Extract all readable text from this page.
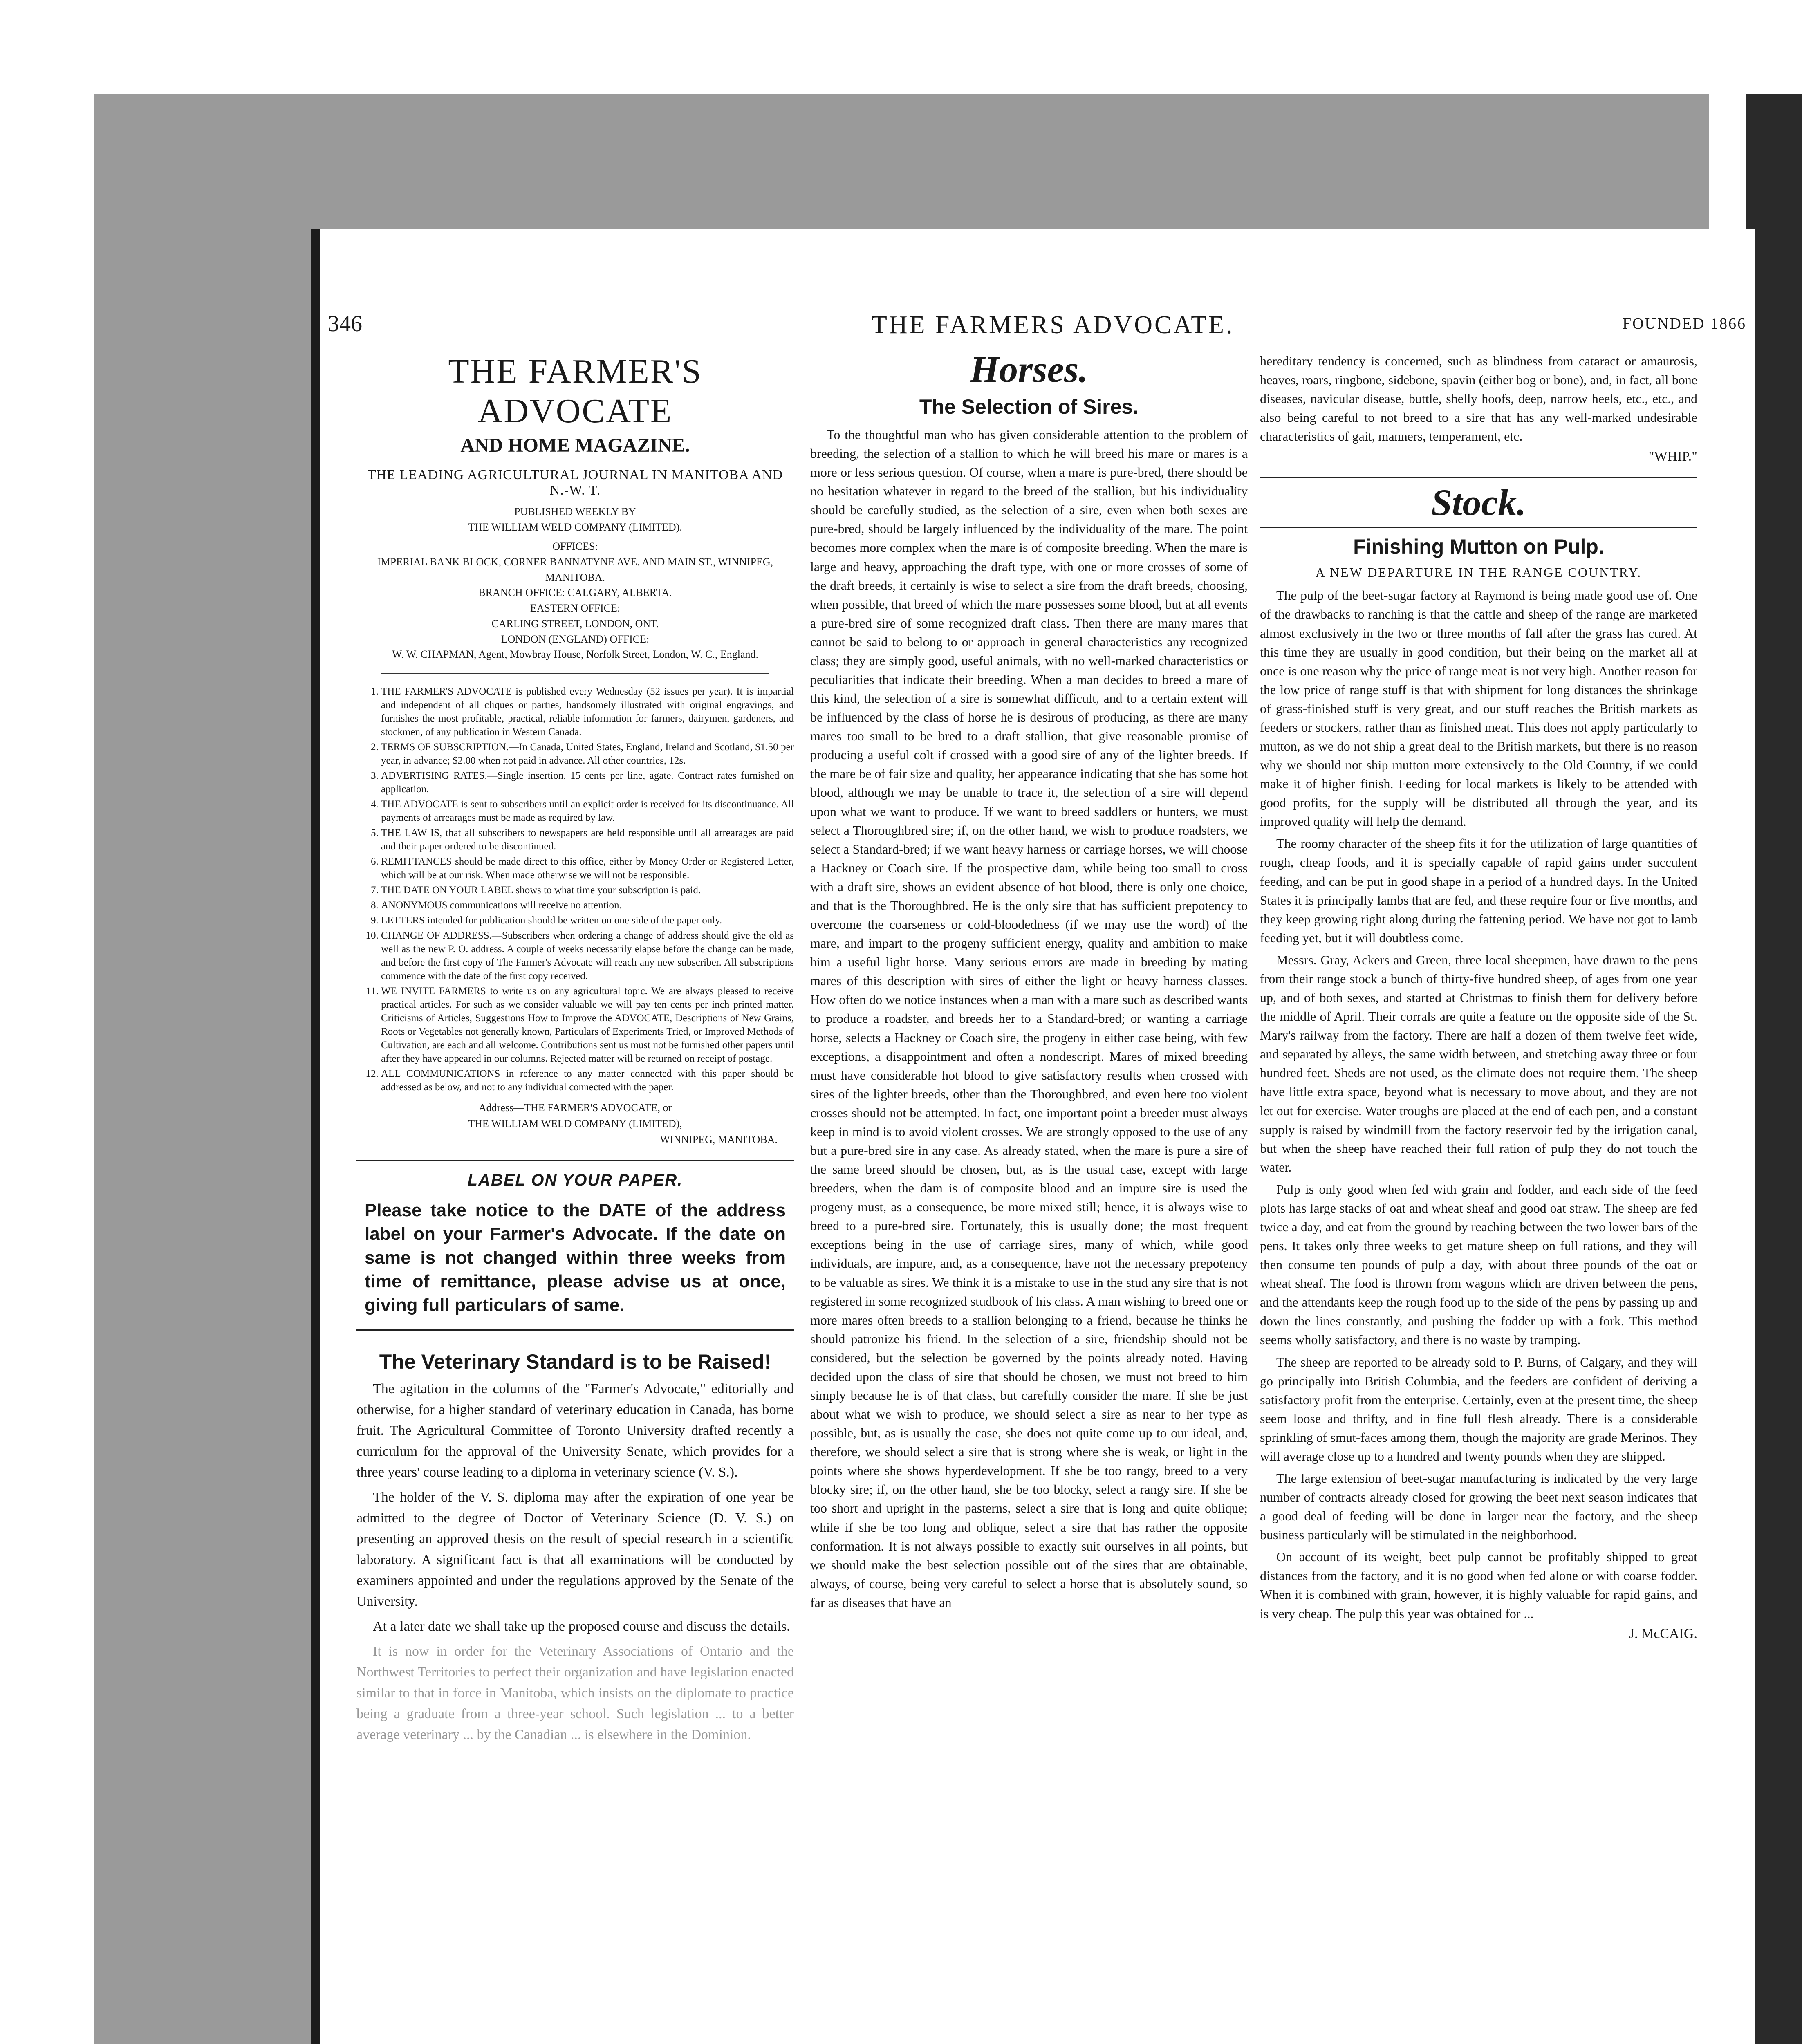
346	THE FARMERS ADVOCATE.	FOUNDED 1866
THE FARMER'S ADVOCATE
AND HOME MAGAZINE.
THE LEADING AGRICULTURAL JOURNAL IN MANITOBA AND N.-W. T.
PUBLISHED WEEKLY BY
THE WILLIAM WELD COMPANY (LIMITED).
OFFICES:
IMPERIAL BANK BLOCK, CORNER BANNATYNE AVE. AND MAIN ST., WINNIPEG, MANITOBA.
BRANCH OFFICE: CALGARY, ALBERTA.
EASTERN OFFICE:
CARLING STREET, LONDON, ONT.
LONDON (ENGLAND) OFFICE:
W. W. CHAPMAN, Agent, Mowbray House, Norfolk Street, London, W. C., England.
1. THE FARMER'S ADVOCATE is published every Wednesday (52 issues per year). It is impartial and independent of all cliques or parties, handsomely illustrated with original engravings, and furnishes the most profitable, practical, reliable information for farmers, dairymen, gardeners, and stockmen, of any publication in Western Canada.
2. TERMS OF SUBSCRIPTION.—In Canada, United States, England, Ireland and Scotland, $1.50 per year, in advance; $2.00 when not paid in advance. All other countries, 12s.
3. ADVERTISING RATES.—Single insertion, 15 cents per line, agate. Contract rates furnished on application.
4. THE ADVOCATE is sent to subscribers until an explicit order is received for its discontinuance. All payments of arrearages must be made as required by law.
5. THE LAW IS, that all subscribers to newspapers are held responsible until all arrearages are paid and their paper ordered to be discontinued.
6. REMITTANCES should be made direct to this office, either by Money Order or Registered Letter, which will be at our risk. When made otherwise we will not be responsible.
7. THE DATE ON YOUR LABEL shows to what time your subscription is paid.
8. ANONYMOUS communications will receive no attention.
9. LETTERS intended for publication should be written on one side of the paper only.
10. CHANGE OF ADDRESS.—Subscribers when ordering a change of address should give the old as well as the new P. O. address. A couple of weeks necessarily elapse before the change can be made, and before the first copy of The Farmer's Advocate will reach any new subscriber. All subscriptions commence with the date of the first copy received.
11. WE INVITE FARMERS to write us on any agricultural topic. We are always pleased to receive practical articles. For such as we consider valuable we will pay ten cents per inch printed matter. Criticisms of Articles, Suggestions How to Improve the ADVOCATE, Descriptions of New Grains, Roots or Vegetables not generally known, Particulars of Experiments Tried, or Improved Methods of Cultivation, are each and all welcome. Contributions sent us must not be furnished other papers until after they have appeared in our columns. Rejected matter will be returned on receipt of postage.
12. ALL COMMUNICATIONS in reference to any matter connected with this paper should be addressed as below, and not to any individual connected with the paper.
Address—THE FARMER'S ADVOCATE, or
THE WILLIAM WELD COMPANY (LIMITED),
WINNIPEG, MANITOBA.
LABEL ON YOUR PAPER.
Please take notice to the DATE of the address label on your Farmer's Advocate. If the date on same is not changed within three weeks from time of remittance, please advise us at once, giving full particulars of same.
The Veterinary Standard is to be Raised!

The agitation in the columns of the "Farmer's Advocate," editorially and otherwise, for a higher standard of veterinary education in Canada, has borne fruit. The Agricultural Committee of Toronto University drafted recently a curriculum for the approval of the University Senate, which provides for a three years' course leading to a diploma in veterinary science (V. S.).

The holder of the V. S. diploma may after the expiration of one year be admitted to the degree of Doctor of Veterinary Science (D. V. S.) on presenting an approved thesis on the result of special research in a scientific laboratory. A significant fact is that all examinations will be conducted by examiners appointed and under the regulations approved by the Senate of the University.

At a later date we shall take up the proposed course and discuss the details.

It is now in order for the Veterinary Associations of Ontario and the Northwest Territories to perfect their organization and have legislation enacted similar to that in force in Manitoba, which insists on the diplomate to practice being a graduate from a three-year school. Such legislation ... to a better average veterinary ... by the Canadian ... is elsewhere in the Dominion.

Horses.
The Selection of Sires.

To the thoughtful man who has given considerable attention to the problem of breeding, the selection of a stallion to which he will breed his mare or mares is a more or less serious question. Of course, when a mare is pure-bred, there should be no hesitation whatever in regard to the breed of the stallion, but his individuality should be carefully studied, as the selection of a sire, even when both sexes are pure-bred, should be largely influenced by the individuality of the mare. The point becomes more complex when the mare is of composite breeding. When the mare is large and heavy, approaching the draft type, with one or more crosses of some of the draft breeds, it certainly is wise to select a sire from the draft breeds, choosing, when possible, that breed of which the mare possesses some blood, but at all events a pure-bred sire of some recognized draft class. Then there are many mares that cannot be said to belong to or approach in general characteristics any recognized class; they are simply good, useful animals, with no well-marked characteristics or peculiarities that indicate their breeding. When a man decides to breed a mare of this kind, the selection of a sire is somewhat difficult, and to a certain extent will be influenced by the class of horse he is desirous of producing, as there are many mares too small to be bred to a draft stallion, that give reasonable promise of producing a useful colt if crossed with a good sire of any of the lighter breeds. If the mare be of fair size and quality, her appearance indicating that she has some hot blood, although we may be unable to trace it, the selection of a sire will depend upon what we want to produce. If we want to breed saddlers or hunters, we must select a Thoroughbred sire; if, on the other hand, we wish to produce roadsters, we select a Standard-bred; if we want heavy harness or carriage horses, we will choose a Hackney or Coach sire. If the prospective dam, while being too small to cross with a draft sire, shows an evident absence of hot blood, there is only one choice, and that is the Thoroughbred. He is the only sire that has sufficient prepotency to overcome the coarseness or cold-bloodedness (if we may use the word) of the mare, and impart to the progeny sufficient energy, quality and ambition to make him a useful light horse. Many serious errors are made in breeding by mating mares of this description with sires of either the light or heavy harness classes. How often do we notice instances when a man with a mare such as described wants to produce a roadster, and breeds her to a Standard-bred; or wanting a carriage horse, selects a Hackney or Coach sire, the progeny in either case being, with few exceptions, a disappointment and often a nondescript. Mares of mixed breeding must have considerable hot blood to give satisfactory results when crossed with sires of the lighter breeds, other than the Thoroughbred, and even here too violent crosses should not be attempted. In fact, one important point a breeder must always keep in mind is to avoid violent crosses. We are strongly opposed to the use of any but a pure-bred sire in any case. As already stated, when the mare is pure a sire of the same breed should be chosen, but, as is the usual case, except with large breeders, when the dam is of composite blood and an impure sire is used the progeny must, as a consequence, be more mixed still; hence, it is always wise to breed to a pure-bred sire. Fortunately, this is usually done; the most frequent exceptions being in the use of carriage sires, many of which, while good individuals, are impure, and, as a consequence, have not the necessary prepotency to be valuable as sires. We think it is a mistake to use in the stud any sire that is not registered in some recognized studbook of his class. A man wishing to breed one or more mares often breeds to a stallion belonging to a friend, because he thinks he should patronize his friend. In the selection of a sire, friendship should not be considered, but the selection be governed by the points already noted. Having decided upon the class of sire that should be chosen, we must not breed to him simply because he is of that class, but carefully consider the mare. If she be just about what we wish to produce, we should select a sire as near to her type as possible, but, as is usually the case, she does not quite come up to our ideal, and, therefore, we should select a sire that is strong where she is weak, or light in the points where she shows hyperdevelopment. If she be too rangy, breed to a very blocky sire; if, on the other hand, she be too blocky, select a rangy sire. If she be too short and upright in the pasterns, select a sire that is long and quite oblique; while if she be too long and oblique, select a sire that has rather the opposite conformation. It is not always possible to exactly suit ourselves in all points, but we should make the best selection possible out of the sires that are obtainable, always, of course, being very careful to select a horse that is absolutely sound, so far as diseases that have an

hereditary tendency is concerned, such as blindness from cataract or amaurosis, heaves, roars, ringbone, sidebone, spavin (either bog or bone), and, in fact, all bone diseases, navicular disease, buttle, shelly hoofs, deep, narrow heels, etc., etc., and also being careful to not breed to a sire that has any well-marked undesirable characteristics of gait, manners, temperament, etc.

"WHIP."
Stock.
Finishing Mutton on Pulp.
A NEW DEPARTURE IN THE RANGE COUNTRY.

The pulp of the beet-sugar factory at Raymond is being made good use of. One of the drawbacks to ranching is that the cattle and sheep of the range are marketed almost exclusively in the two or three months of fall after the grass has cured. At this time they are usually in good condition, but their being on the market all at once is one reason why the price of range meat is not very high. Another reason for the low price of range stuff is that with shipment for long distances the shrinkage of grass-finished stuff is very great, and our stuff reaches the British markets as feeders or stockers, rather than as finished meat. This does not apply particularly to mutton, as we do not ship a great deal to the British markets, but there is no reason why we should not ship mutton more extensively to the Old Country, if we could make it of higher finish. Feeding for local markets is likely to be attended with good profits, for the supply will be distributed all through the year, and its improved quality will help the demand.

The roomy character of the sheep fits it for the utilization of large quantities of rough, cheap foods, and it is specially capable of rapid gains under succulent feeding, and can be put in good shape in a period of a hundred days. In the United States it is principally lambs that are fed, and these require four or five months, and they keep growing right along during the fattening period. We have not got to lamb feeding yet, but it will doubtless come.

Messrs. Gray, Ackers and Green, three local sheepmen, have drawn to the pens from their range stock a bunch of thirty-five hundred sheep, of ages from one year up, and of both sexes, and started at Christmas to finish them for delivery before the middle of April. Their corrals are quite a feature on the opposite side of the St. Mary's railway from the factory. There are half a dozen of them twelve feet wide, and separated by alleys, the same width between, and stretching away three or four hundred feet. Sheds are not used, as the climate does not require them. The sheep have little extra space, beyond what is necessary to move about, and they are not let out for exercise. Water troughs are placed at the end of each pen, and a constant supply is raised by windmill from the factory reservoir fed by the irrigation canal, but when the sheep have reached their full ration of pulp they do not touch the water.

Pulp is only good when fed with grain and fodder, and each side of the feed plots has large stacks of oat and wheat sheaf and good oat straw. The sheep are fed twice a day, and eat from the ground by reaching between the two lower bars of the pens. It takes only three weeks to get mature sheep on full rations, and they will then consume ten pounds of pulp a day, with about three pounds of the oat or wheat sheaf. The food is thrown from wagons which are driven between the pens, and the attendants keep the rough food up to the side of the pens by passing up and down the lines constantly, and pushing the fodder up with a fork. This method seems wholly satisfactory, and there is no waste by tramping.

The sheep are reported to be already sold to P. Burns, of Calgary, and they will go principally into British Columbia, and the feeders are confident of deriving a satisfactory profit from the enterprise. Certainly, even at the present time, the sheep seem loose and thrifty, and in fine full flesh already. There is a considerable sprinkling of smut-faces among them, though the majority are grade Merinos. They will average close up to a hundred and twenty pounds when they are shipped.

The large extension of beet-sugar manufacturing is indicated by the very large number of contracts already closed for growing the beet next season indicates that a good deal of feeding will be done in larger near the factory, and the sheep business particularly will be stimulated in the neighborhood.

On account of its weight, beet pulp cannot be profitably shipped to great distances from the factory, and it is no good when fed alone or with coarse fodder. When it is combined with grain, however, it is highly valuable for rapid gains, and is very cheap. The pulp this year was obtained for ...

J. McCAIG.
